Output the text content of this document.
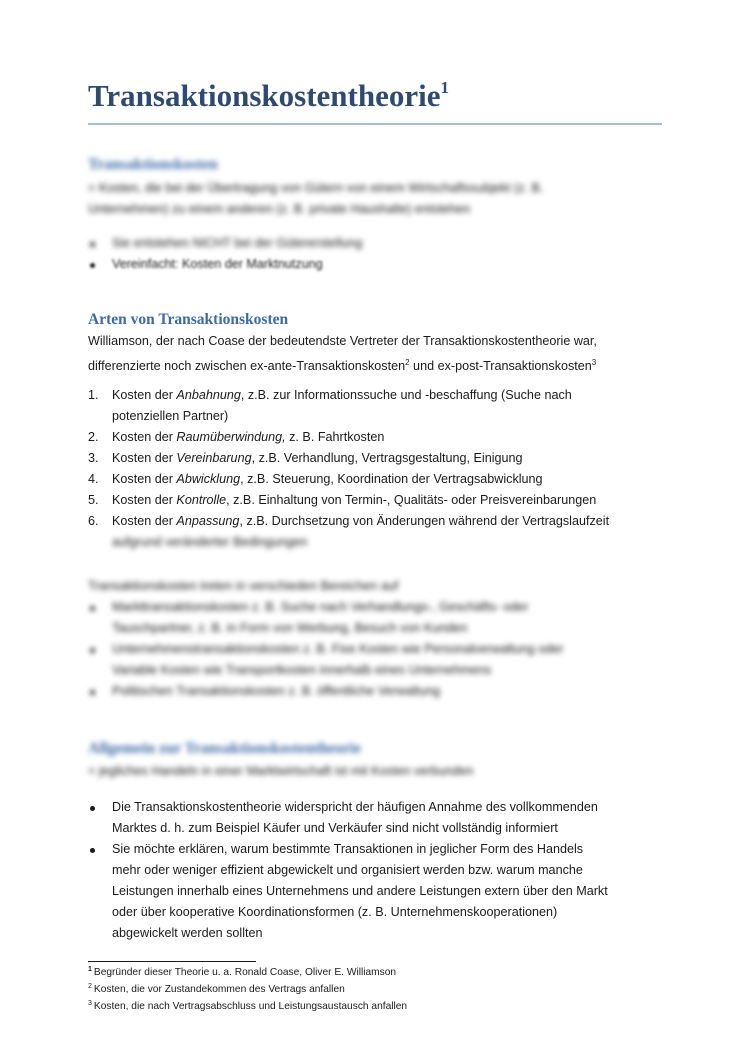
Transaktionskostentheorie$^1$
Transaktionskosten

= Kosten, die bei der Übertragung von Gütern von einem Wirtschaftssubjekt (z. B.
Unternehmen) zu einem anderen (z. B. private Haushalte) entstehen

Sie entstehen NICHT bei der Gütererstellung
Vereinfacht: Kosten der Marktnutzung
Arten von Transaktionskosten

Williamson, der nach Coase der bedeutendste Vertreter der Transaktionskostentheorie war,
differenzierte noch zwischen ex-ante-Transaktionskosten$^2$ und ex-post-Transaktionskosten$^3$

1. Kosten der Anbahnung, z.B. zur Informationssuche und -beschaffung (Suche nach
potenziellen Partner)
2. Kosten der Raumüberwindung, z. B. Fahrtkosten
3. Kosten der Vereinbarung, z.B. Verhandlung, Vertragsgestaltung, Einigung
4. Kosten der Abwicklung, z.B. Steuerung, Koordination der Vertragsabwicklung
5. Kosten der Kontrolle, z.B. Einhaltung von Termin-, Qualitäts- oder Preisvereinbarungen
6. Kosten der Anpassung, z.B. Durchsetzung von Änderungen während der Vertragslaufzeit
aufgrund veränderter Bedingungen

Transaktionskosten treten in verschieden Bereichen auf

Markttransaktionskosten z. B. Suche nach Verhandlungs-, Geschäfts- oder
Tauschpartner, z. B. in Form von Werbung, Besuch von Kunden
Unternehmenstransaktionskosten z. B. Fixe Kosten wie Personalverwaltung oder
Variable Kosten wie Transportkosten innerhalb eines Unternehmens
Politischen Transaktionskosten z. B. öffentliche Verwaltung
Allgemein zur Transaktionskostentheorie

= jegliches Handeln in einer Marktwirtschaft ist mit Kosten verbunden

Die Transaktionskostentheorie widerspricht der häufigen Annahme des vollkommenden
Marktes d. h. zum Beispiel Käufer und Verkäufer sind nicht vollständig informiert
Sie möchte erklären, warum bestimmte Transaktionen in jeglicher Form des Handels
mehr oder weniger effizient abgewickelt und organisiert werden bzw. warum manche
Leistungen innerhalb eines Unternehmens und andere Leistungen extern über den Markt
oder über kooperative Koordinationsformen (z. B. Unternehmenskooperationen)
abgewickelt werden sollten

$^1$ Begründer dieser Theorie u. a. Ronald Coase, Oliver E. Williamson

$^2$ Kosten, die vor Zustandekommen des Vertrags anfallen

$^3$ Kosten, die nach Vertragsabschluss und Leistungsaustausch anfallen
